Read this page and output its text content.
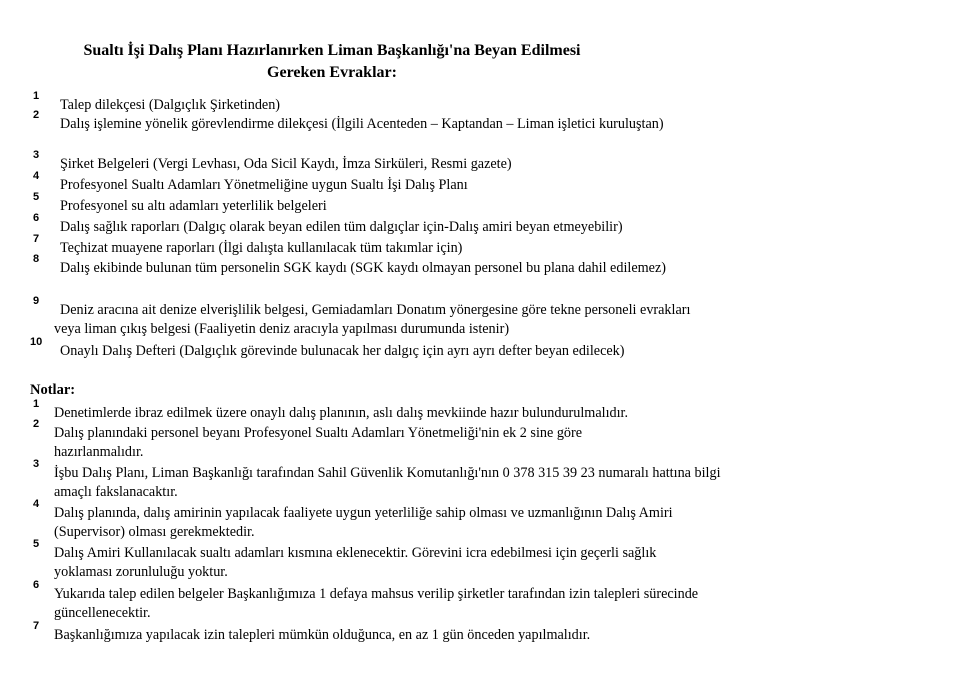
Sualtı İşi Dalış Planı Hazırlanırken Liman Başkanlığı'na Beyan Edilmesi
Gereken Evraklar:
1
Talep dilekçesi (Dalgıçlık Şirketinden)
2
Dalış işlemine yönelik görevlendirme dilekçesi (İlgili Acenteden – Kaptandan – Liman işletici kuruluştan)
3
Şirket Belgeleri (Vergi Levhası, Oda Sicil Kaydı, İmza Sirküleri, Resmi gazete)
4
Profesyonel Sualtı Adamları Yönetmeliğine uygun Sualtı İşi Dalış Planı
5
Profesyonel su altı adamları yeterlilik belgeleri
6
Dalış sağlık raporları (Dalgıç olarak beyan edilen tüm dalgıçlar için-Dalış amiri beyan etmeyebilir)
7
Teçhizat muayene raporları (İlgi dalışta kullanılacak tüm takımlar için)
8
Dalış ekibinde bulunan tüm personelin SGK kaydı (SGK kaydı olmayan personel bu plana dahil edilemez)
9
Deniz aracına ait denize elverişlilik belgesi, Gemiadamları Donatım yönergesine göre tekne personeli evrakları veya liman çıkış belgesi (Faaliyetin deniz aracıyla yapılması durumunda istenir)
10
Onaylı Dalış Defteri (Dalgıçlık görevinde bulunacak her dalgıç için ayrı ayrı defter beyan edilecek)
Notlar:
1
Denetimlerde ibraz edilmek üzere onaylı dalış planının, aslı dalış mevkiinde hazır bulundurulmalıdır.
2
Dalış planındaki personel beyanı Profesyonel Sualtı Adamları Yönetmeliği'nin ek 2 sine göre hazırlanmalıdır.
3
İşbu Dalış Planı, Liman Başkanlığı tarafından Sahil Güvenlik Komutanlığı'nın 0 378 315 39 23 numaralı hattına bilgi amaçlı fakslanacaktır.
4
Dalış planında, dalış amirinin yapılacak faaliyete uygun yeterliliğe sahip olması ve uzmanlığının Dalış Amiri (Supervisor) olması gerekmektedir.
5
Dalış Amiri Kullanılacak sualtı adamları kısmına eklenecektir. Görevini icra edebilmesi için geçerli sağlık yoklaması zorunluluğu yoktur.
6
Yukarıda talep edilen belgeler Başkanlığımıza 1 defaya mahsus verilip şirketler tarafından izin talepleri sürecinde güncellenecektir.
7
Başkanlığımıza yapılacak izin talepleri mümkün olduğunca, en az 1 gün önceden yapılmalıdır.
